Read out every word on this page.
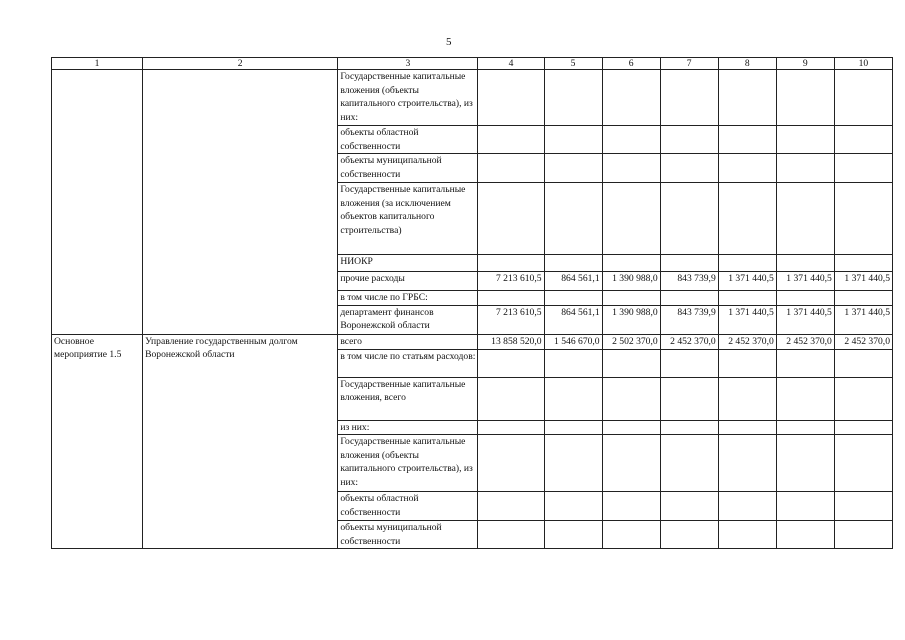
5
1	2	3	4	5	6	7	8	9	10
		Государственные капитальные вложения (объекты капитального строительства), из них:							
		объекты областной собственности							
		объекты муниципальной собственности							
		Государственные капитальные вложения (за исключением объектов капитального строительства)							
		НИОКР							
		прочие расходы	7 213 610,5	864 561,1	1 390 988,0	843 739,9	1 371 440,5	1 371 440,5	1 371 440,5
		в том числе по ГРБС:							
		департамент финансов Воронежской области	7 213 610,5	864 561,1	1 390 988,0	843 739,9	1 371 440,5	1 371 440,5	1 371 440,5
Основное мероприятие 1.5	Управление государственным долгом Воронежской области	всего	13 858 520,0	1 546 670,0	2 502 370,0	2 452 370,0	2 452 370,0	2 452 370,0	2 452 370,0
		в том числе по статьям расходов:							
		Государственные капитальные вложения, всего							
		из них:							
		Государственные капитальные вложения (объекты капитального строительства), из них:							
		объекты областной собственности							
		объекты муниципальной собственности							
